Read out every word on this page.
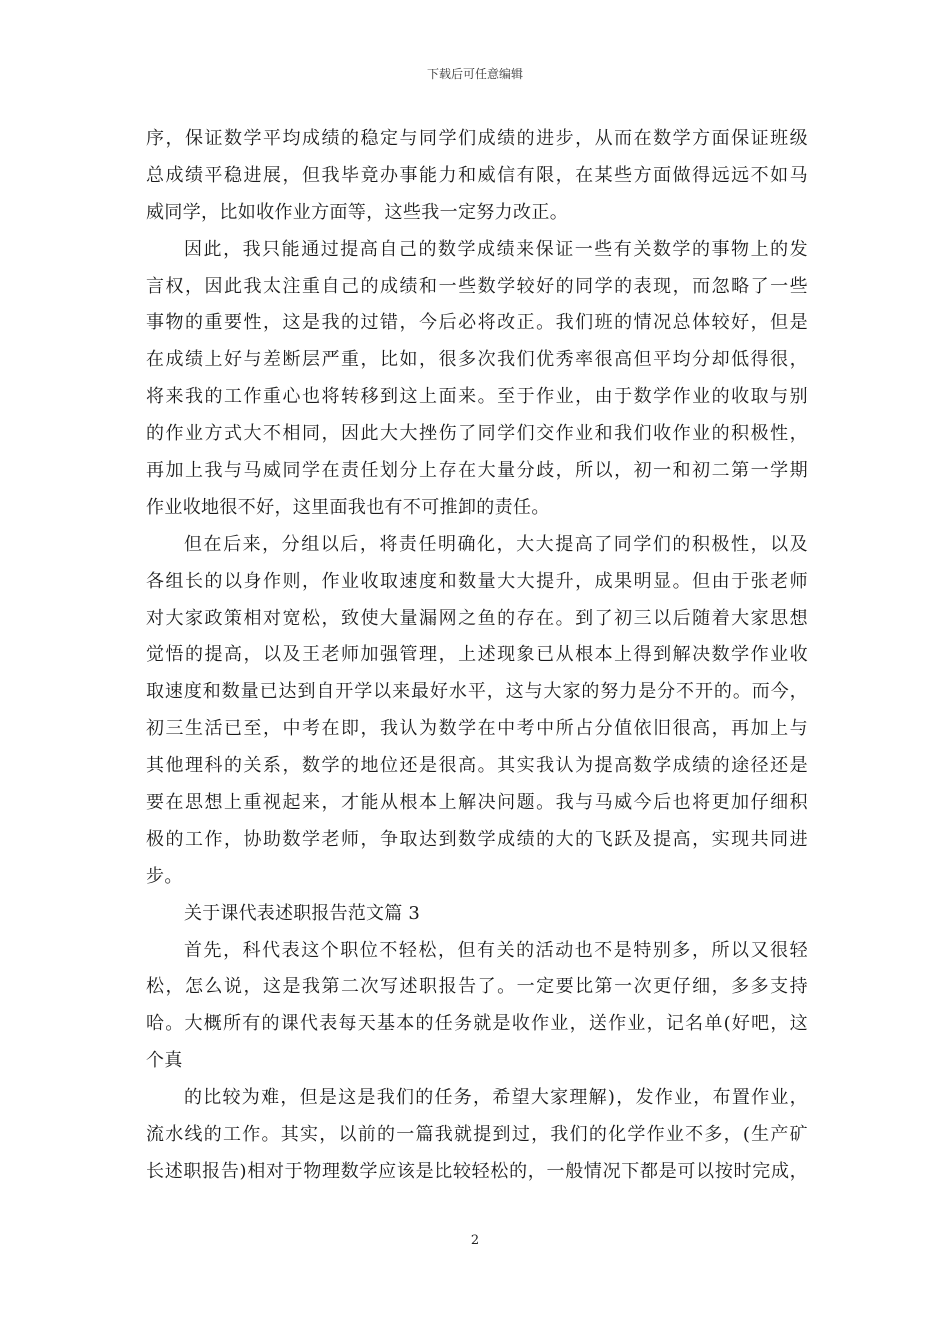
下载后可任意编辑
序，保证数学平均成绩的稳定与同学们成绩的进步，从而在数学方面保证班级
总成绩平稳进展，但我毕竟办事能力和威信有限，在某些方面做得远远不如马
威同学，比如收作业方面等，这些我一定努力改正。
因此，我只能通过提高自己的数学成绩来保证一些有关数学的事物上的发
言权，因此我太注重自己的成绩和一些数学较好的同学的表现，而忽略了一些
事物的重要性，这是我的过错，今后必将改正。我们班的情况总体较好，但是
在成绩上好与差断层严重，比如，很多次我们优秀率很高但平均分却低得很，
将来我的工作重心也将转移到这上面来。至于作业，由于数学作业的收取与别
的作业方式大不相同，因此大大挫伤了同学们交作业和我们收作业的积极性，
再加上我与马威同学在责任划分上存在大量分歧，所以，初一和初二第一学期
作业收地很不好，这里面我也有不可推卸的责任。
但在后来，分组以后，将责任明确化，大大提高了同学们的积极性，以及
各组长的以身作则，作业收取速度和数量大大提升，成果明显。但由于张老师
对大家政策相对宽松，致使大量漏网之鱼的存在。到了初三以后随着大家思想
觉悟的提高，以及王老师加强管理，上述现象已从根本上得到解决数学作业收
取速度和数量已达到自开学以来最好水平，这与大家的努力是分不开的。而今，
初三生活已至，中考在即，我认为数学在中考中所占分值依旧很高，再加上与
其他理科的关系，数学的地位还是很高。其实我认为提高数学成绩的途径还是
要在思想上重视起来，才能从根本上解决问题。我与马威今后也将更加仔细积
极的工作，协助数学老师，争取达到数学成绩的大的飞跃及提高，实现共同进
步。
关于课代表述职报告范文篇 3
首先，科代表这个职位不轻松，但有关的活动也不是特别多，所以又很轻
松，怎么说，这是我第二次写述职报告了。一定要比第一次更仔细，多多支持
哈。大概所有的课代表每天基本的任务就是收作业，送作业，记名单(好吧，这
个真
的比较为难，但是这是我们的任务，希望大家理解)，发作业，布置作业，
流水线的工作。其实，以前的一篇我就提到过，我们的化学作业不多，(生产矿
长述职报告)相对于物理数学应该是比较轻松的，一般情况下都是可以按时完成，
2
